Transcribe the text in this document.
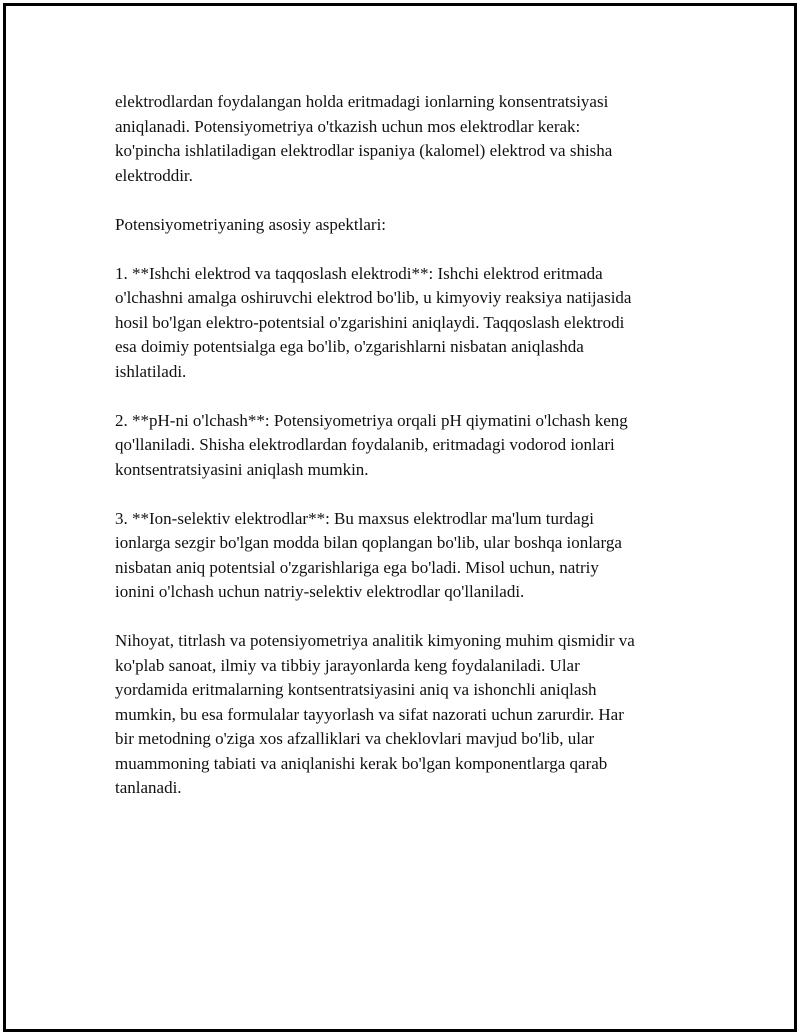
elektrodlardan foydalangan holda eritmadagi ionlarning konsentratsiyasi
aniqlanadi. Potensiyometriya o'tkazish uchun mos elektrodlar kerak:
ko'pincha ishlatiladigan elektrodlar ispaniya (kalomel) elektrod va shisha
elektroddir.

Potensiyometriyaning asosiy aspektlari:

1. **Ishchi elektrod va taqqoslash elektrodi**: Ishchi elektrod eritmada
o'lchashni amalga oshiruvchi elektrod bo'lib, u kimyoviy reaksiya natijasida
hosil bo'lgan elektro-potentsial o'zgarishini aniqlaydi. Taqqoslash elektrodi
esa doimiy potentsialga ega bo'lib, o'zgarishlarni nisbatan aniqlashda
ishlatiladi.

2. **pH-ni o'lchash**: Potensiyometriya orqali pH qiymatini o'lchash keng
qo'llaniladi. Shisha elektrodlardan foydalanib, eritmadagi vodorod ionlari
kontsentratsiyasini aniqlash mumkin.

3. **Ion-selektiv elektrodlar**: Bu maxsus elektrodlar ma'lum turdagi
ionlarga sezgir bo'lgan modda bilan qoplangan bo'lib, ular boshqa ionlarga
nisbatan aniq potentsial o'zgarishlariga ega bo'ladi. Misol uchun, natriy
ionini o'lchash uchun natriy-selektiv elektrodlar qo'llaniladi.

Nihoyat, titrlash va potensiyometriya analitik kimyoning muhim qismidir va
ko'plab sanoat, ilmiy va tibbiy jarayonlarda keng foydalaniladi. Ular
yordamida eritmalarning kontsentratsiyasini aniq va ishonchli aniqlash
mumkin, bu esa formulalar tayyorlash va sifat nazorati uchun zarurdir. Har
bir metodning o'ziga xos afzalliklari va cheklovlari mavjud bo'lib, ular
muammoning tabiati va aniqlanishi kerak bo'lgan komponentlarga qarab
tanlanadi.
